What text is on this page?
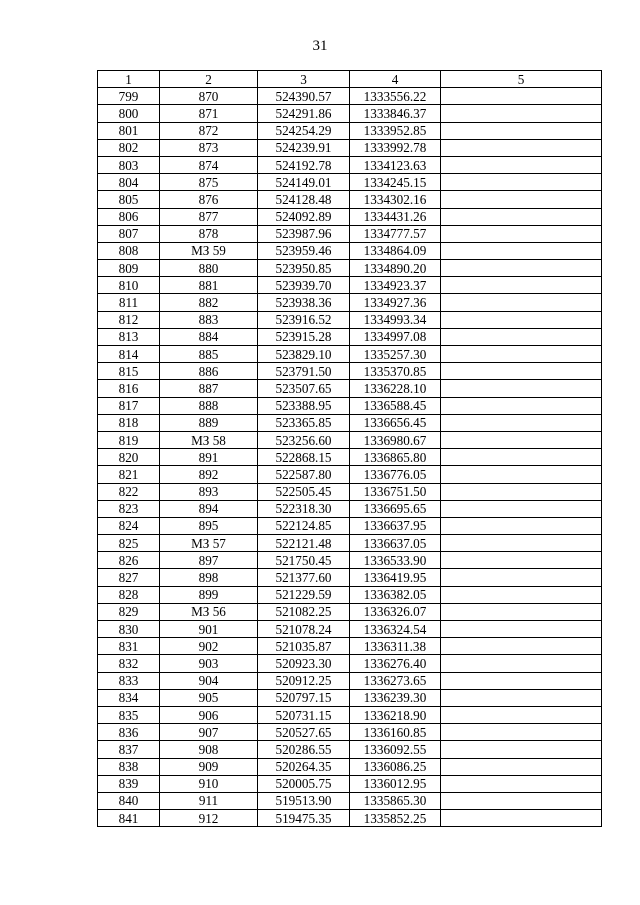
31
1	2	3	4	5
799	870	524390.57	1333556.22	
800	871	524291.86	1333846.37	
801	872	524254.29	1333952.85	
802	873	524239.91	1333992.78	
803	874	524192.78	1334123.63	
804	875	524149.01	1334245.15	
805	876	524128.48	1334302.16	
806	877	524092.89	1334431.26	
807	878	523987.96	1334777.57	
808	МЗ 59	523959.46	1334864.09	
809	880	523950.85	1334890.20	
810	881	523939.70	1334923.37	
811	882	523938.36	1334927.36	
812	883	523916.52	1334993.34	
813	884	523915.28	1334997.08	
814	885	523829.10	1335257.30	
815	886	523791.50	1335370.85	
816	887	523507.65	1336228.10	
817	888	523388.95	1336588.45	
818	889	523365.85	1336656.45	
819	МЗ 58	523256.60	1336980.67	
820	891	522868.15	1336865.80	
821	892	522587.80	1336776.05	
822	893	522505.45	1336751.50	
823	894	522318.30	1336695.65	
824	895	522124.85	1336637.95	
825	МЗ 57	522121.48	1336637.05	
826	897	521750.45	1336533.90	
827	898	521377.60	1336419.95	
828	899	521229.59	1336382.05	
829	МЗ 56	521082.25	1336326.07	
830	901	521078.24	1336324.54	
831	902	521035.87	1336311.38	
832	903	520923.30	1336276.40	
833	904	520912.25	1336273.65	
834	905	520797.15	1336239.30	
835	906	520731.15	1336218.90	
836	907	520527.65	1336160.85	
837	908	520286.55	1336092.55	
838	909	520264.35	1336086.25	
839	910	520005.75	1336012.95	
840	911	519513.90	1335865.30	
841	912	519475.35	1335852.25	
